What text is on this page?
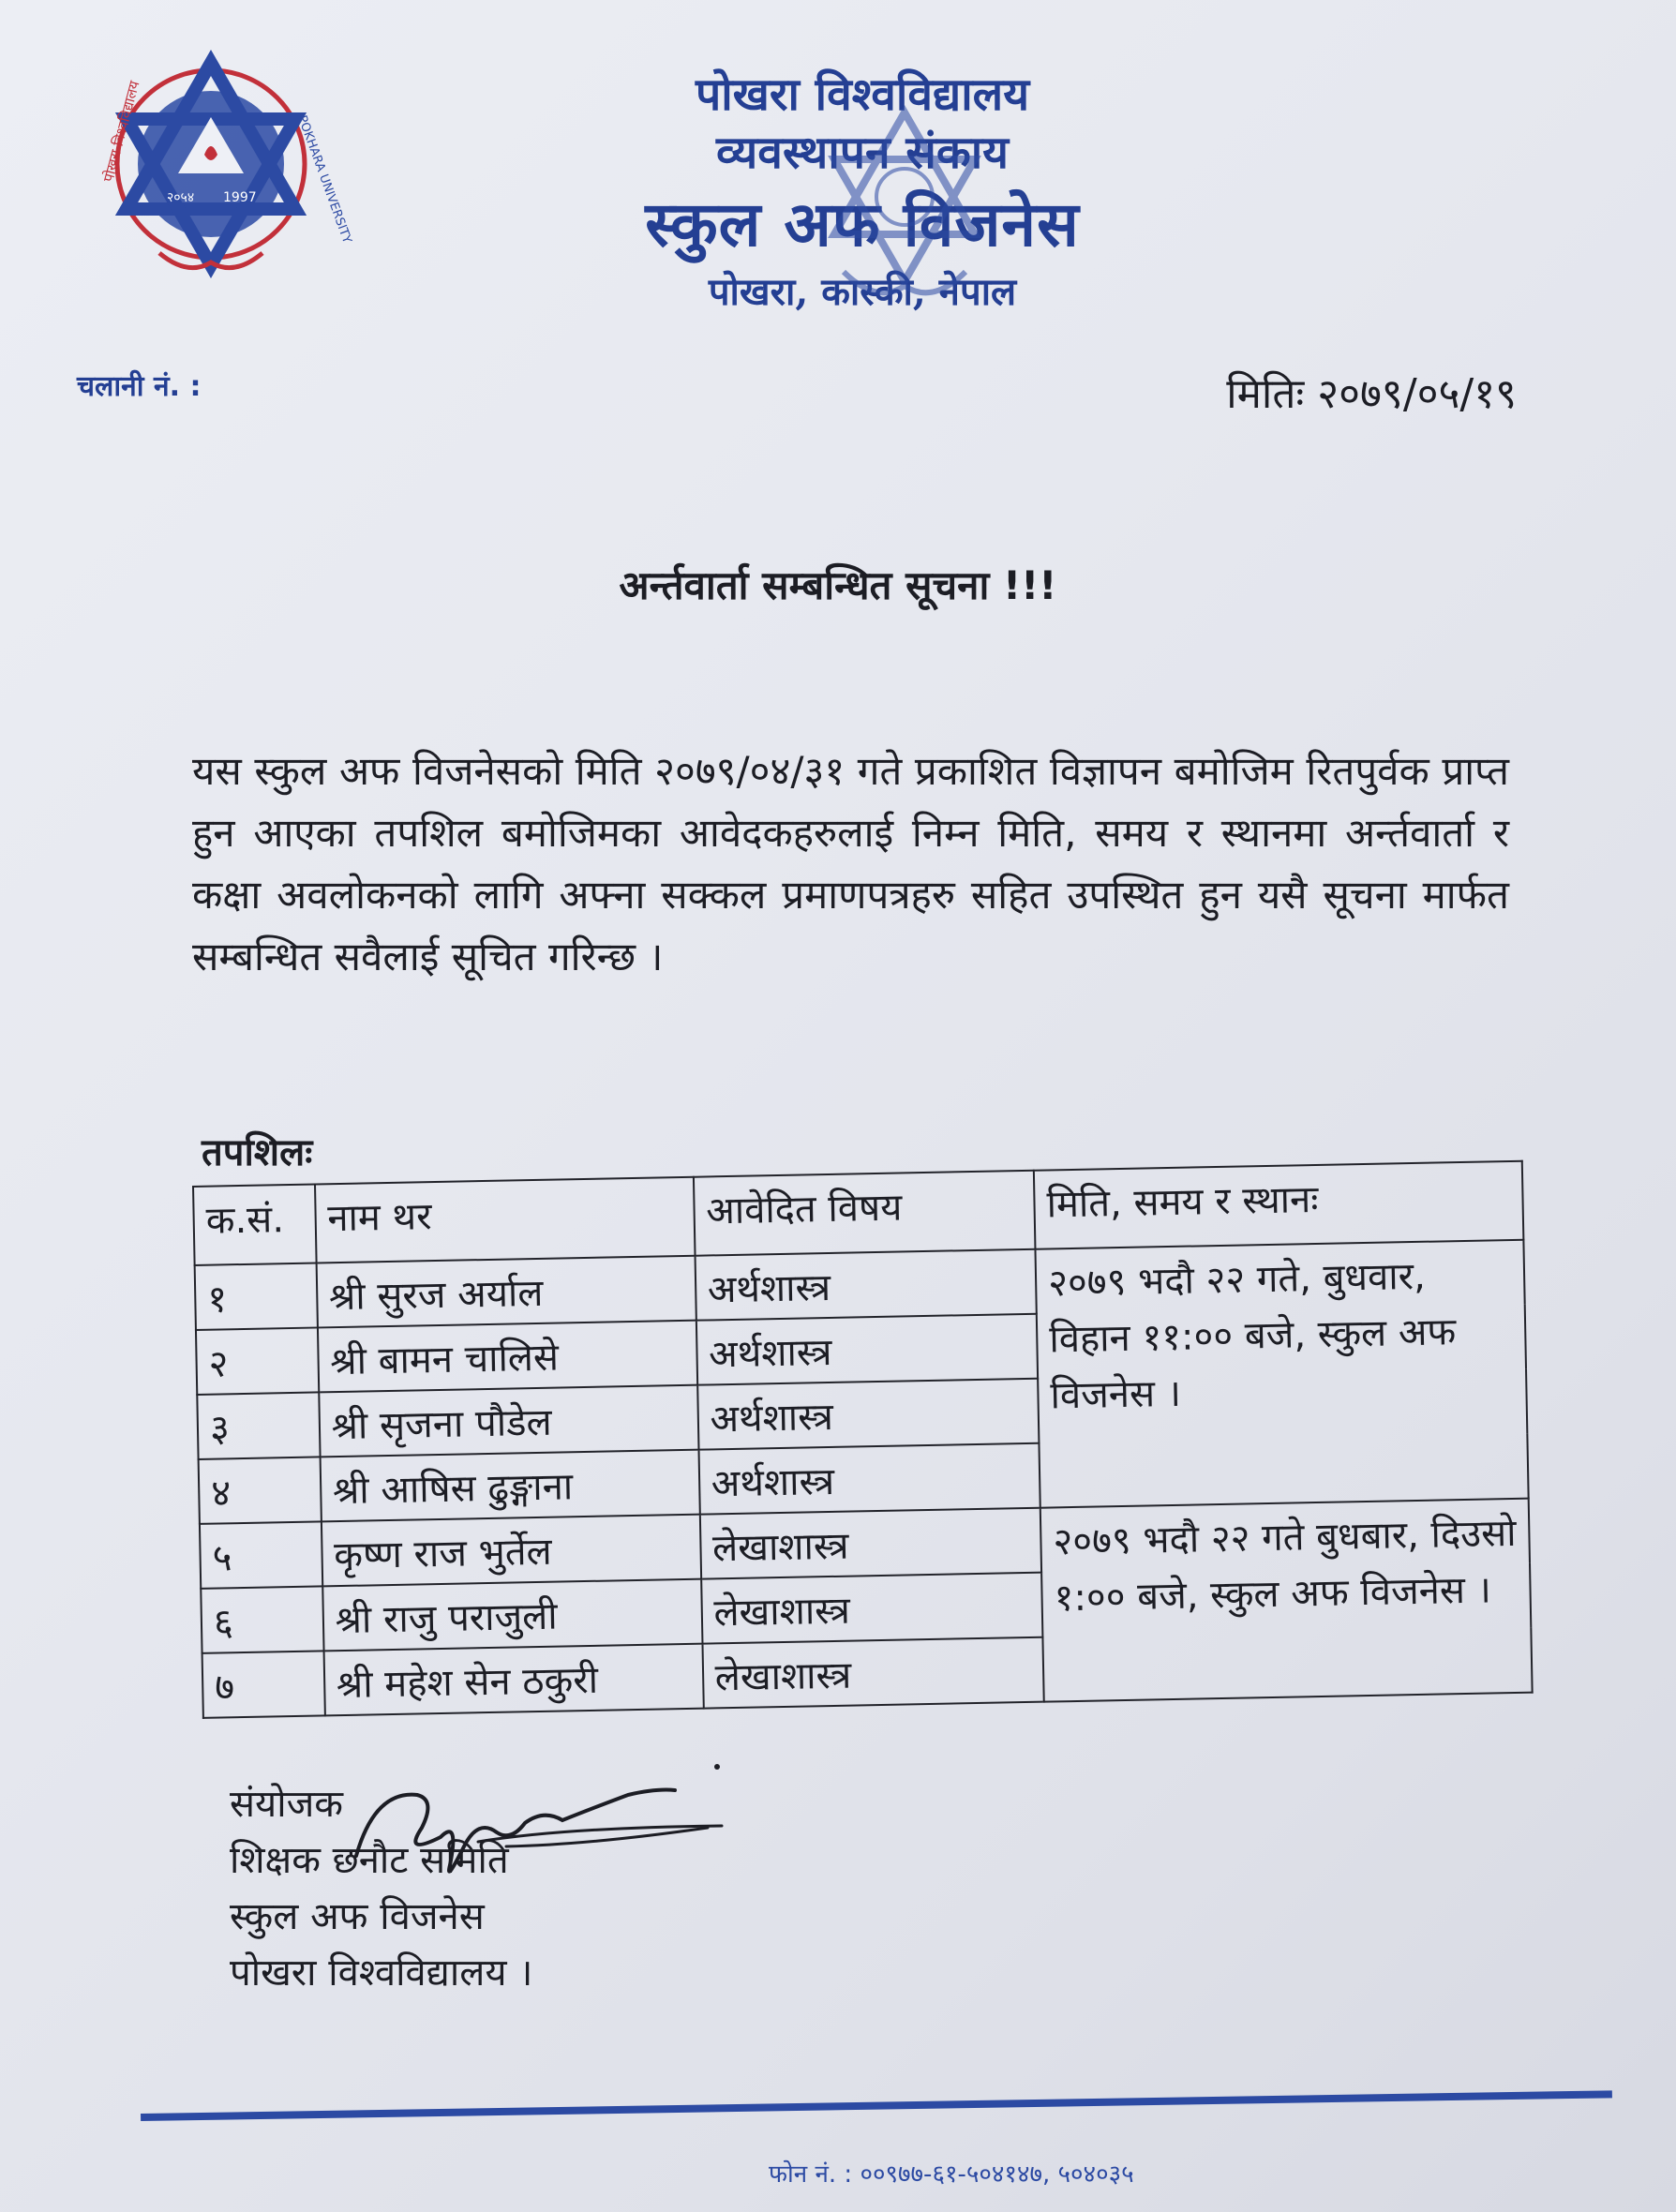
पोखरा विश्वविद्यालय	POKHARA UNIVERSITY
२०५४ 1997
पोखरा विश्वविद्यालय
व्यवस्थापन संकाय
स्कुल अफ विजनेस
पोखरा, कास्की, नेपाल
चलानी नं. :	मितिः २०७९/०५/१९
अर्न्तवार्ता सम्बन्धित सूचना !!!
यस स्कुल अफ विजनेसको मिति २०७९/०४/३१ गते प्रकाशित विज्ञापन बमोजिम रितपुर्वक प्राप्त हुन आएका तपशिल बमोजिमका आवेदकहरुलाई निम्न मिति, समय र स्थानमा अर्न्तवार्ता र कक्षा अवलोकनको लागि अफ्ना सक्कल प्रमाणपत्रहरु सहित उपस्थित हुन यसै सूचना मार्फत सम्बन्धित सवैलाई सूचित गरिन्छ ।
तपशिलः
क.सं.	नाम थर	आवेदित विषय	मिति, समय र स्थानः
१	श्री सुरज अर्याल	अर्थशास्त्र	२०७९ भदौ २२ गते, बुधवार, विहान ११:०० बजे, स्कुल अफ विजनेस ।
२	श्री बामन चालिसे	अर्थशास्त्र	
३	श्री सृजना पौडेल	अर्थशास्त्र	
४	श्री आषिस ढुङ्गाना	अर्थशास्त्र	
५	कृष्ण राज भुर्तेल	लेखाशास्त्र	२०७९ भदौ २२ गते बुधबार, दिउसो १:०० बजे, स्कुल अफ विजनेस ।
६	श्री राजु पराजुली	लेखाशास्त्र	
७	श्री महेश सेन ठकुरी	लेखाशास्त्र	
संयोजक
शिक्षक छनौट समिति
स्कुल अफ विजनेस
पोखरा विश्वविद्यालय ।
फोन नं. : ००९७७-६१-५०४१४७, ५०४०३५
